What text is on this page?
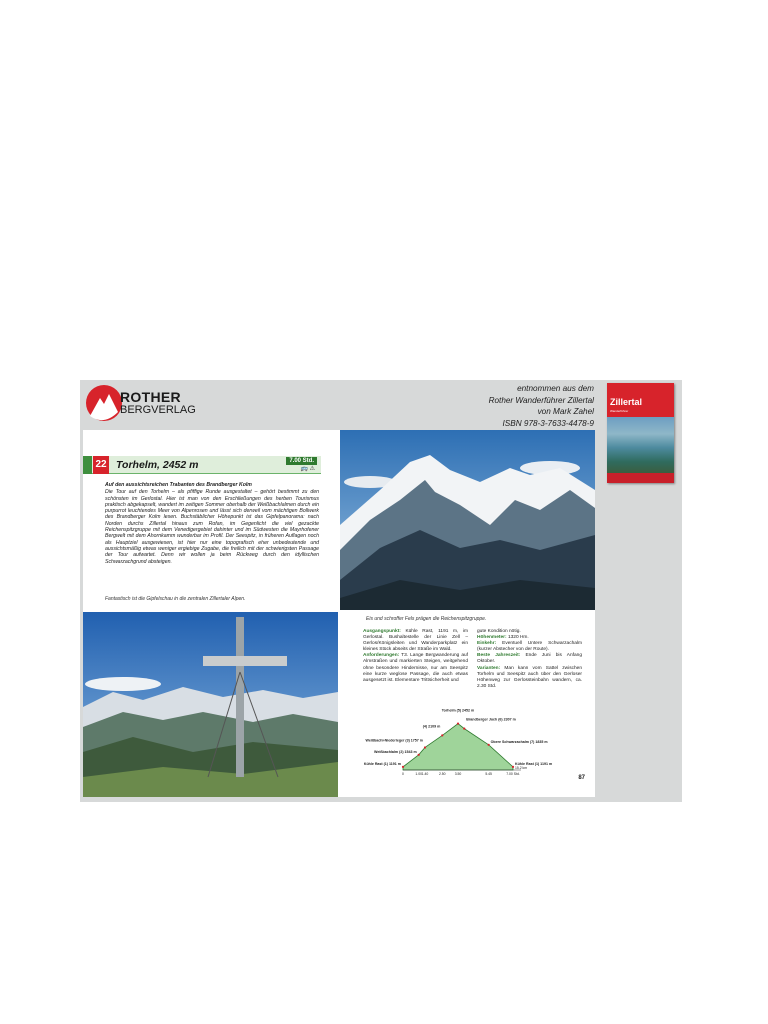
ROTHER
BERGVERLAG
entnommen aus dem
Rother Wanderführer Zillertal
von Mark Zahel
ISBN 978-3-7633-4478-9
Zillertal
Wanderführer
22 Torhelm, 2452 m	7.00 Std.
🚌 ⚠
Auf den aussichtsreichen Trabanten des Brandberger Kolm
Die Tour auf den Torhelm – als pfiffige Runde ausgestaltet – gehört bestimmt zu den schönsten im Gerlostal. Hier ist man von den Erschließungen des herben Tourismus praktisch abgekapselt, wandert im zeitigen Sommer oberhalb der Weißbachlalmen durch ein purpurrot leuchtendes Meer von Alpenrosen und lässt sich derweil vom mächtigen Bollwerk des Brandberger Kolm lesen. Buchstäblicher Höhepunkt ist das Gipfelpanorama: nach Norden durchs Zillertal hinaus zum Rofan, im Gegenlicht die viel gezackte Reichenspitzgruppe mit dem Venedigergebiet dahinter und im Südwesten die Mayrhofener Bergwelt mit dem Ahornkamm wunderbar im Profil. Der Seespitz, in früheren Auflagen noch als Hauptziel ausgewiesen, ist hier nur eine topografisch eher unbedeutende und aussichtsmäßig etwas weniger ergiebige Zugabe, die freilich mit der schwierigsten Passage der Tour aufwartet. Denn wir wollen ja beim Rückweg durch den idyllischen Schwarzachgrund absteigen.
Fantastisch ist die Gipfelschau in die zentralen Zillertaler Alpen.
Eis und schroffer Fels prägen die Reichenspitzgruppe.
Ausgangspunkt: Kühle Rast, 1191 m, im Gerlostal. Bushaltestelle der Linie Zell – Gerlos/Königsleiten und Wanderparkplatz ein kleines Stück abseits der Straße im Wald.
Anforderungen: T3. Lange Bergwanderung auf Almstraßen und markierten Steigen, weitgehend ohne besondere Hindernisse, nur am Seespitz eine kurze weglose Passage, die auch etwas ausgesetzt ist. Elementare Trittsicherheit und
gute Kondition nötig.
Höhenmeter: 1320 Hm.
Einkehr: Eventuell Untere Schwarzachalm (kurzer Abstecher von der Route).
Beste Jahreszeit: Ende Juni bis Anfang Oktober.
Varianten: Man kann vom Sattel zwischen Torhelm und Seespitz auch über den Gerloser Höhenweg zur Gerlossteinbahn wandern, ca. 2.30 Std.
Kühle Rast (1) 1191 m
Weißbachlalm (2) 1543 m
Weißbachl-Niederleger (3) 1757 m
(4) 2109 m
Torhelm (5) 2452 m
Brandberger Joch (6) 2307 m
Obere Schwarzachalm (7) 1835 m
Kühle Rast (1) 1191 m
0	1.00 1.40	2.50	3.50	5.45	7.00 Std.
15.2 km
87
